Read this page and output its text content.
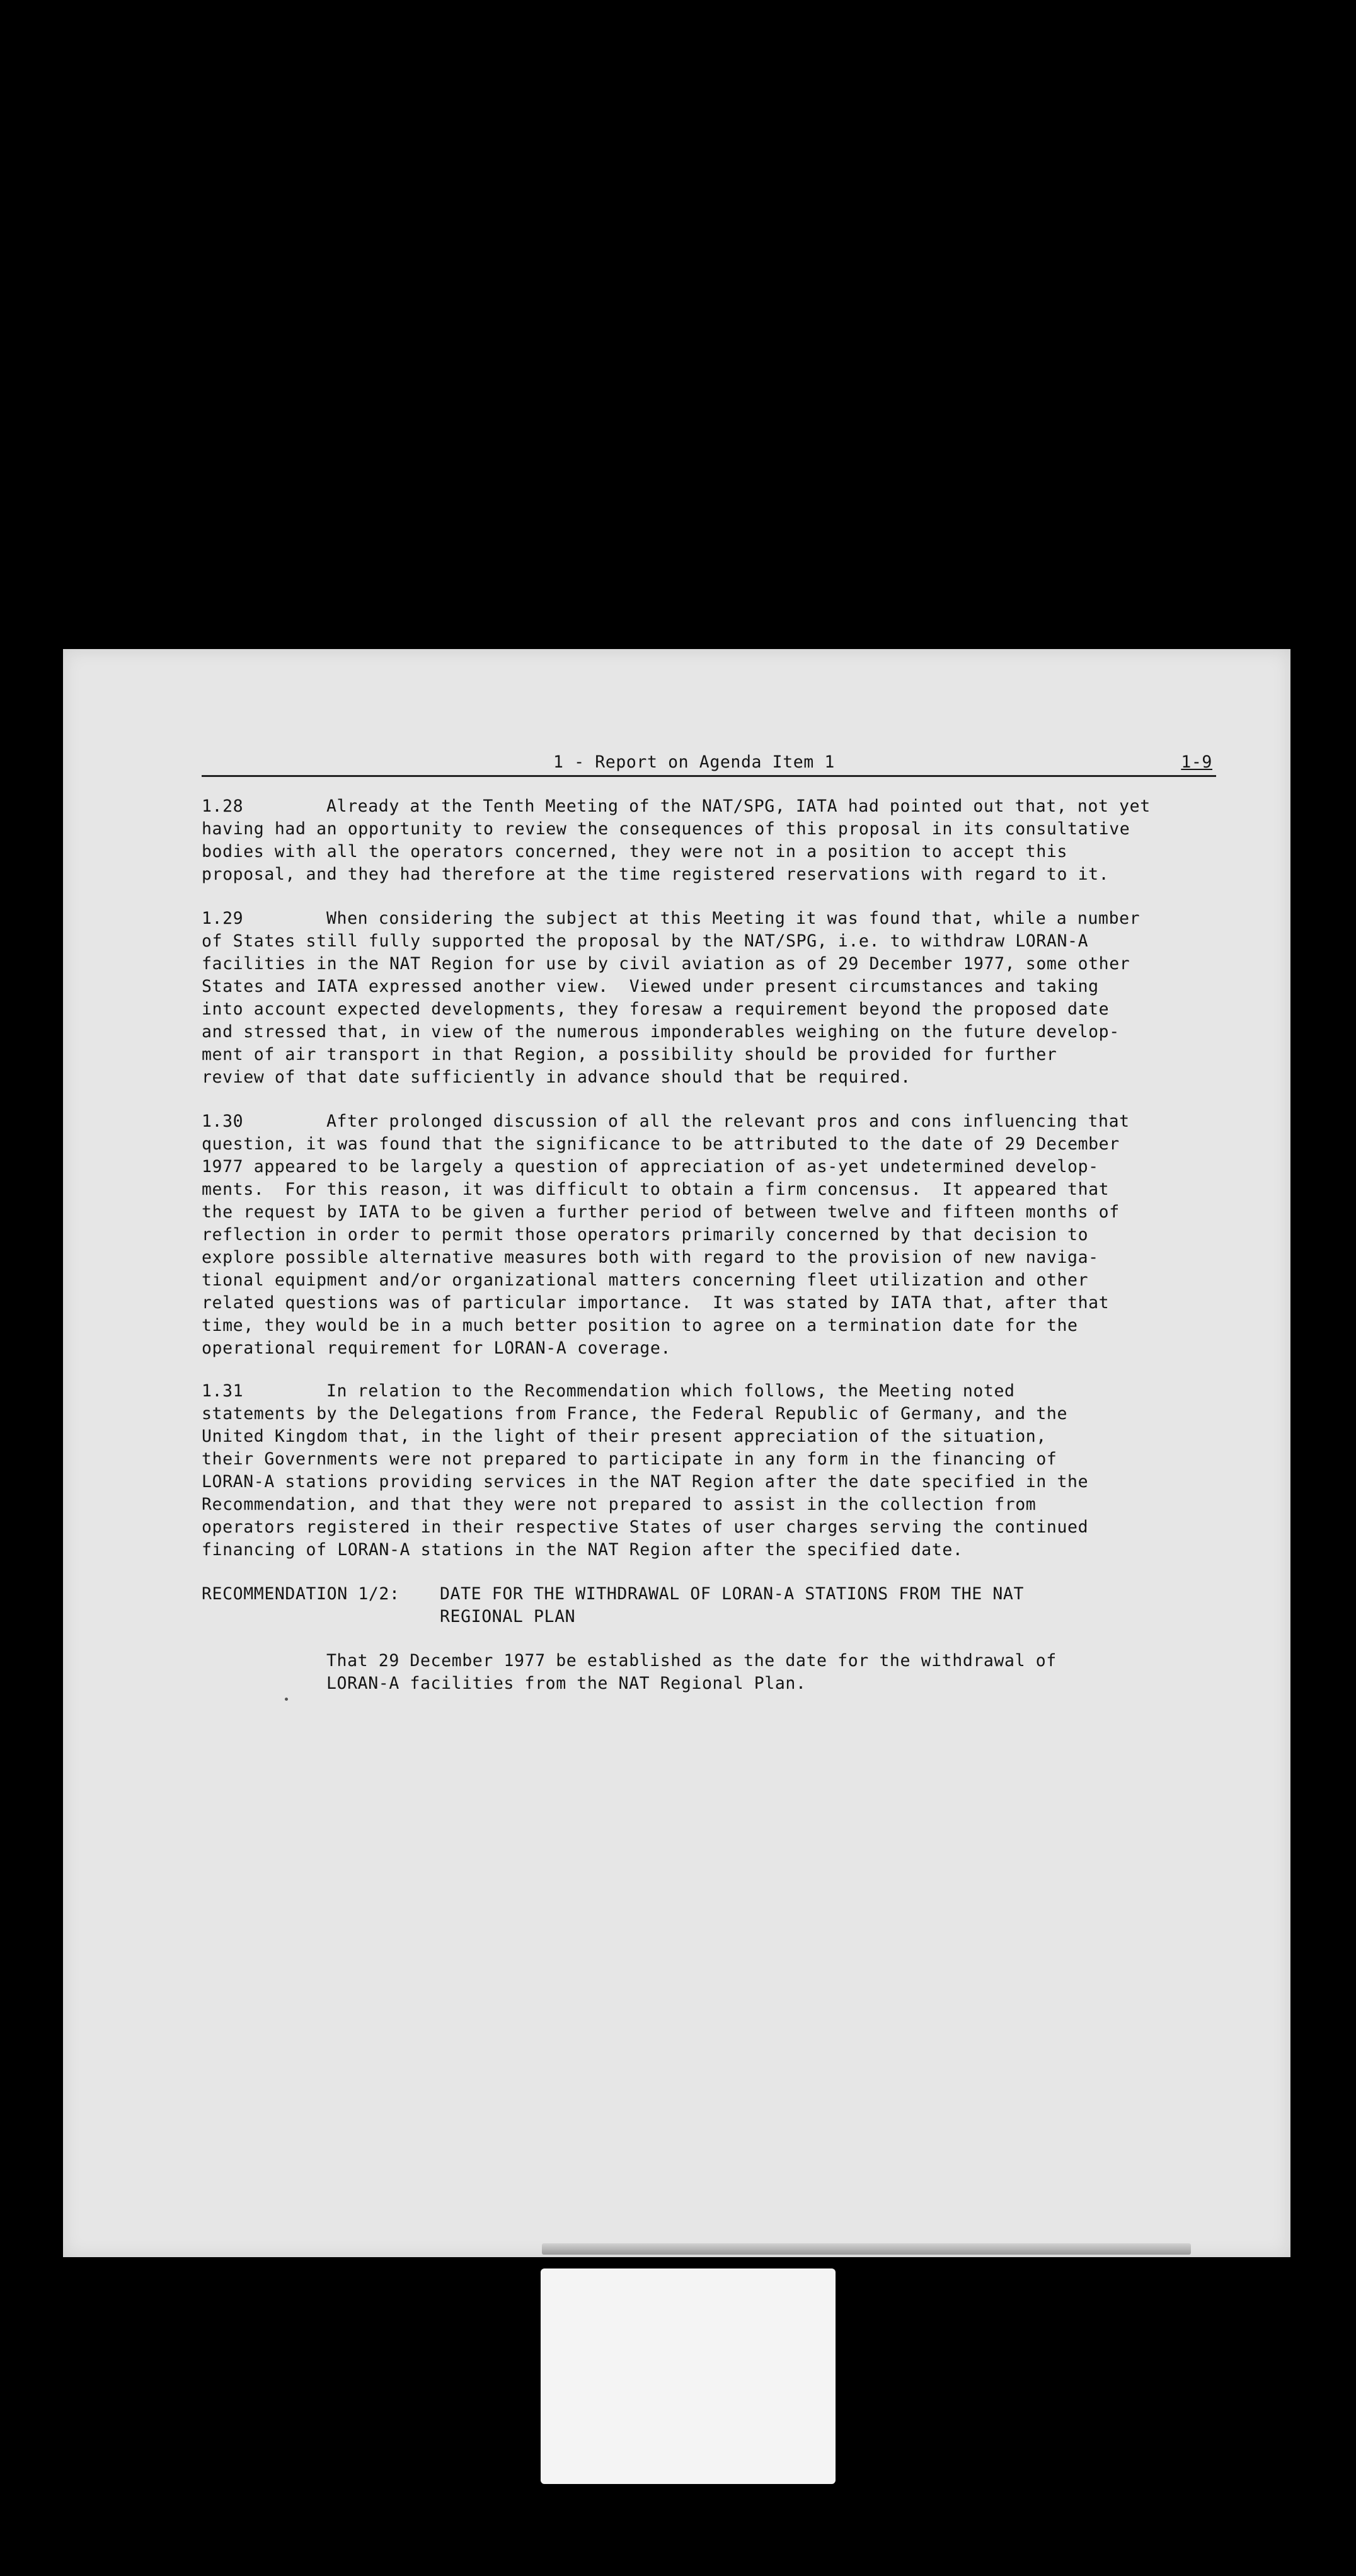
1 - Report on Agenda Item 1	1-9
1.28	Already at the Tenth Meeting of the NAT/SPG, IATA had pointed out that, not yet
having had an opportunity to review the consequences of this proposal in its consultative
bodies with all the operators concerned, they were not in a position to accept this
proposal, and they had therefore at the time registered reservations with regard to it.
1.29	When considering the subject at this Meeting it was found that, while a number
of States still fully supported the proposal by the NAT/SPG, i.e. to withdraw LORAN-A
facilities in the NAT Region for use by civil aviation as of 29 December 1977, some other
States and IATA expressed another view.  Viewed under present circumstances and taking
into account expected developments, they foresaw a requirement beyond the proposed date
and stressed that, in view of the numerous imponderables weighing on the future develop-
ment of air transport in that Region, a possibility should be provided for further
review of that date sufficiently in advance should that be required.
1.30	After prolonged discussion of all the relevant pros and cons influencing that
question, it was found that the significance to be attributed to the date of 29 December
1977 appeared to be largely a question of appreciation of as-yet undetermined develop-
ments.  For this reason, it was difficult to obtain a firm concensus.  It appeared that
the request by IATA to be given a further period of between twelve and fifteen months of
reflection in order to permit those operators primarily concerned by that decision to
explore possible alternative measures both with regard to the provision of new naviga-
tional equipment and/or organizational matters concerning fleet utilization and other
related questions was of particular importance.  It was stated by IATA that, after that
time, they would be in a much better position to agree on a termination date for the
operational requirement for LORAN-A coverage.
1.31	In relation to the Recommendation which follows, the Meeting noted
statements by the Delegations from France, the Federal Republic of Germany, and the
United Kingdom that, in the light of their present appreciation of the situation,
their Governments were not prepared to participate in any form in the financing of
LORAN-A stations providing services in the NAT Region after the date specified in the
Recommendation, and that they were not prepared to assist in the collection from
operators registered in their respective States of user charges serving the continued
financing of LORAN-A stations in the NAT Region after the specified date.
RECOMMENDATION 1/2: DATE FOR THE WITHDRAWAL OF LORAN-A STATIONS FROM THE NAT
REGIONAL PLAN
That 29 December 1977 be established as the date for the withdrawal of
LORAN-A facilities from the NAT Regional Plan.
